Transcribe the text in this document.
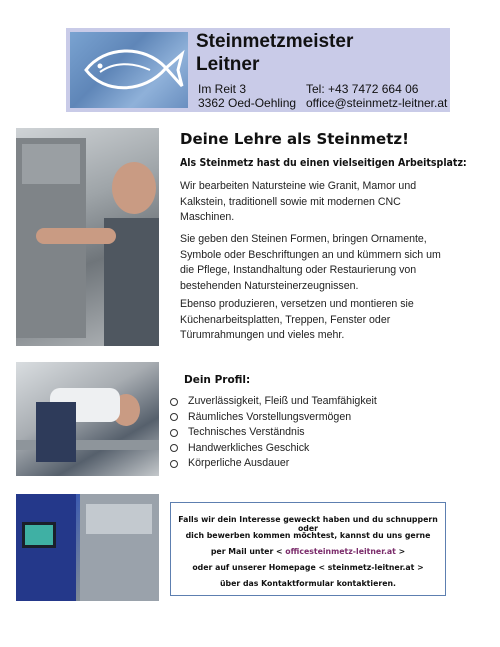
Steinmetzmeister
Leitner
Im Reit 3
3362 Oed-Oehling
Tel: +43 7472 664 06
office@steinmetz-leitner.at
Deine Lehre als Steinmetz!
Als Steinmetz hast du einen vielseitigen Arbeitsplatz:
Wir bearbeiten Natursteine wie Granit, Mamor und Kalkstein, traditionell sowie mit modernen CNC Maschinen.
Sie geben den Steinen Formen, bringen Ornamente, Symbole oder Beschriftungen an und kümmern sich um die Pflege, Instandhaltung oder Restaurierung von bestehenden Natursteinerzeugnissen.
Ebenso produzieren, versetzen und montieren sie Küchenarbeitsplatten, Treppen, Fenster oder Türumrahmungen und vieles mehr.
Dein Profil:
Zuverlässigkeit, Fleiß und Teamfähigkeit
Räumliches Vorstellungsvermögen
Technisches Verständnis
Handwerkliches Geschick
Körperliche Ausdauer
Falls wir dein Interesse geweckt haben und du schnuppern oder
dich bewerben kommen möchtest, kannst du uns gerne
per Mail unter < officesteinmetz-leitner.at >
oder auf unserer Homepage < steinmetz-leitner.at >
über das Kontaktformular kontaktieren.
